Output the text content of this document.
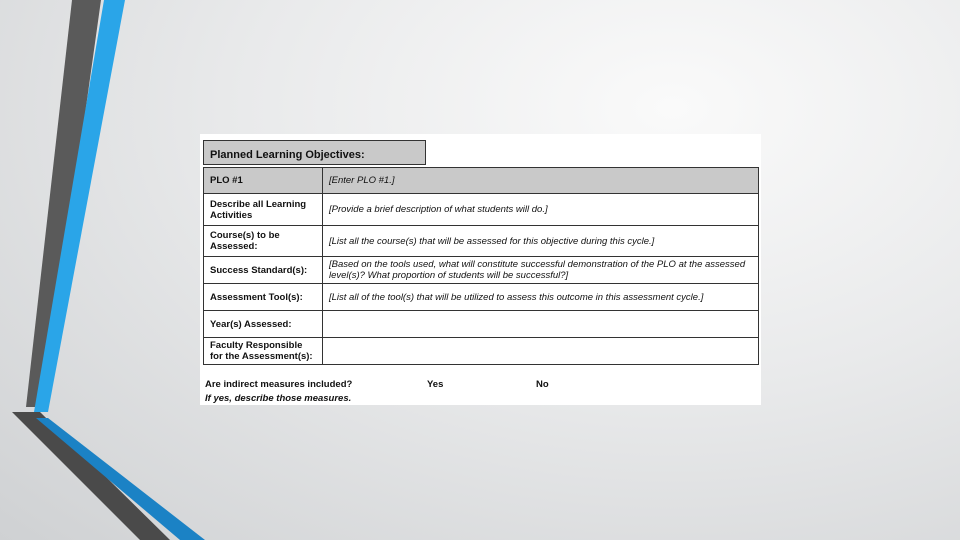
Planned Learning Objectives:
PLO #1	[Enter PLO #1.]
Describe all Learning Activities	[Provide a brief description of what students will do.]
Course(s) to be Assessed:	[List all the course(s) that will be assessed for this objective during this cycle.]
Success Standard(s):	[Based on the tools used, what will constitute successful demonstration of the PLO at the assessed level(s)? What proportion of students will be successful?]
Assessment Tool(s):	[List all of the tool(s) that will be utilized to assess this outcome in this assessment cycle.]
Year(s) Assessed:	
Faculty Responsible for the Assessment(s):	
Are indirect measures included?	Yes	No
If yes, describe those measures.
